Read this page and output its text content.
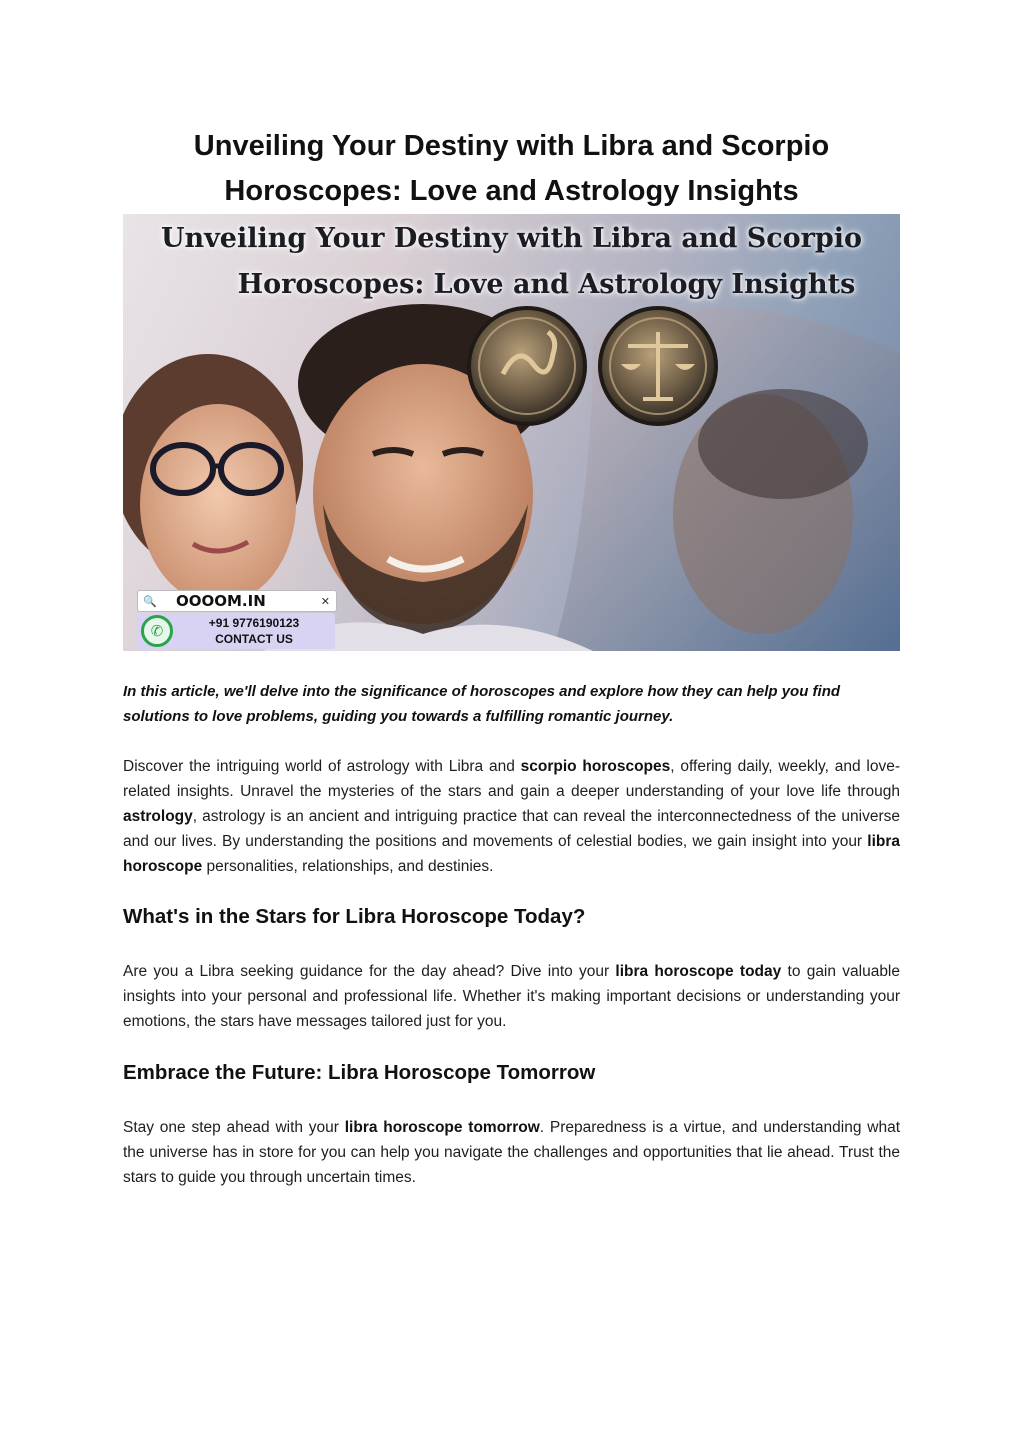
Unveiling Your Destiny with Libra and Scorpio Horoscopes: Love and Astrology Insights
Unveiling Your Destiny with Libra and Scorpio
Horoscopes: Love and Astrology Insights
🔍 OOOOM.IN	✕
✆	+91 9776190123
CONTACT US

In this article, we'll delve into the significance of horoscopes and explore how they can help you find solutions to love problems, guiding you towards a fulfilling romantic journey.

Discover the intriguing world of astrology with Libra and scorpio horoscopes, offering daily, weekly, and love-related insights. Unravel the mysteries of the stars and gain a deeper understanding of your love life through astrology, astrology is an ancient and intriguing practice that can reveal the interconnectedness of the universe and our lives. By understanding the positions and movements of celestial bodies, we gain insight into your libra horoscope personalities, relationships, and destinies.

What's in the Stars for Libra Horoscope Today?

Are you a Libra seeking guidance for the day ahead? Dive into your libra horoscope today to gain valuable insights into your personal and professional life. Whether it's making important decisions or understanding your emotions, the stars have messages tailored just for you.

Embrace the Future: Libra Horoscope Tomorrow

Stay one step ahead with your libra horoscope tomorrow. Preparedness is a virtue, and understanding what the universe has in store for you can help you navigate the challenges and opportunities that lie ahead. Trust the stars to guide you through uncertain times.
